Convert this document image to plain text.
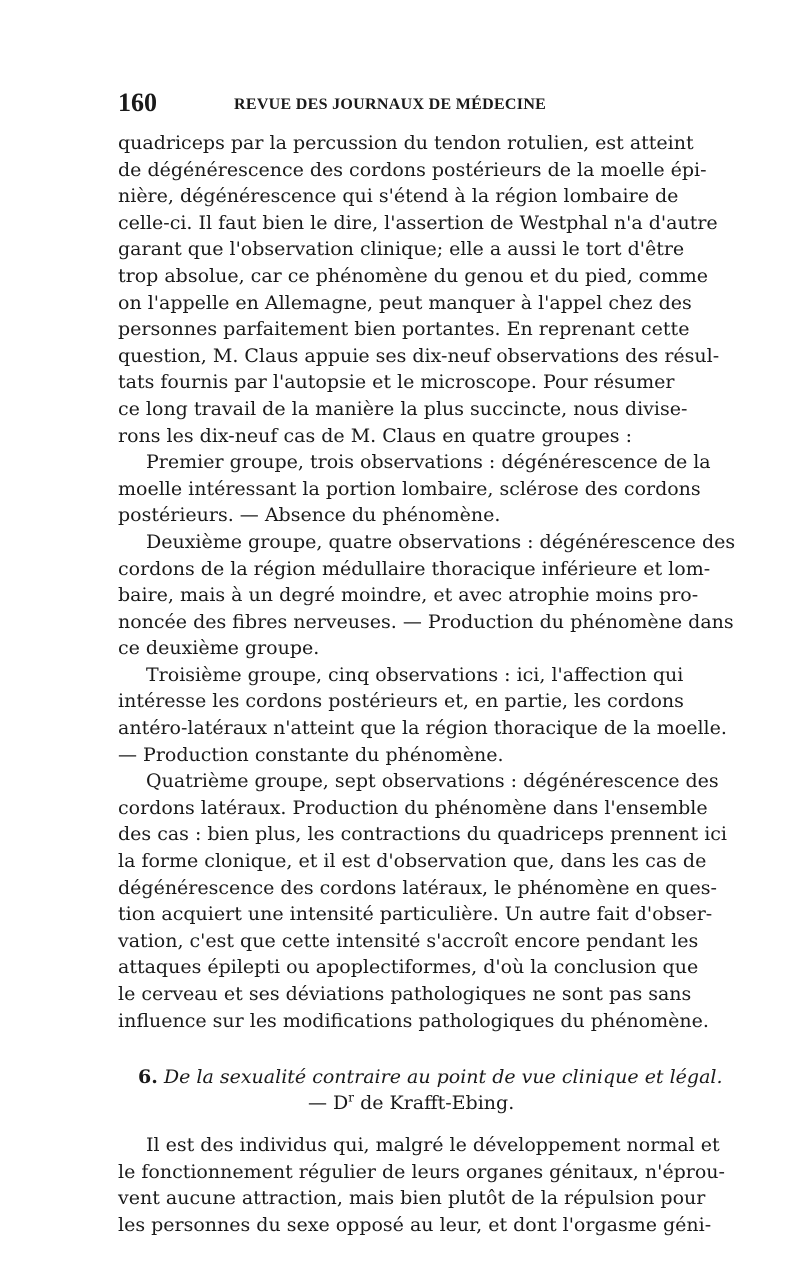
160	REVUE DES JOURNAUX DE MÉDECINE
quadriceps par la percussion du tendon rotulien, est atteint
de dégénérescence des cordons postérieurs de la moelle épi-
nière, dégénérescence qui s'étend à la région lombaire de
celle-ci. Il faut bien le dire, l'assertion de Westphal n'a d'autre
garant que l'observation clinique; elle a aussi le tort d'être
trop absolue, car ce phénomène du genou et du pied, comme
on l'appelle en Allemagne, peut manquer à l'appel chez des
personnes parfaitement bien portantes. En reprenant cette
question, M. Claus appuie ses dix-neuf observations des résul-
tats fournis par l'autopsie et le microscope. Pour résumer
ce long travail de la manière la plus succincte, nous divise-
rons les dix-neuf cas de M. Claus en quatre groupes :
Premier groupe, trois observations : dégénérescence de la
moelle intéressant la portion lombaire, sclérose des cordons
postérieurs. — Absence du phénomène.
Deuxième groupe, quatre observations : dégénérescence des
cordons de la région médullaire thoracique inférieure et lom-
baire, mais à un degré moindre, et avec atrophie moins pro-
noncée des fibres nerveuses. — Production du phénomène dans
ce deuxième groupe.
Troisième groupe, cinq observations : ici, l'affection qui
intéresse les cordons postérieurs et, en partie, les cordons
antéro-latéraux n'atteint que la région thoracique de la moelle.
— Production constante du phénomène.
Quatrième groupe, sept observations : dégénérescence des
cordons latéraux. Production du phénomène dans l'ensemble
des cas : bien plus, les contractions du quadriceps prennent ici
la forme clonique, et il est d'observation que, dans les cas de
dégénérescence des cordons latéraux, le phénomène en ques-
tion acquiert une intensité particulière. Un autre fait d'obser-
vation, c'est que cette intensité s'accroît encore pendant les
attaques épilepti ou apoplectiformes, d'où la conclusion que
le cerveau et ses déviations pathologiques ne sont pas sans
influence sur les modifications pathologiques du phénomène.
6. De la sexualité contraire au point de vue clinique et légal.
— $D^r$ de Krafft-Ebing.
Il est des individus qui, malgré le développement normal et
le fonctionnement régulier de leurs organes génitaux, n'éprou-
vent aucune attraction, mais bien plutôt de la répulsion pour
les personnes du sexe opposé au leur, et dont l'orgasme géni-
